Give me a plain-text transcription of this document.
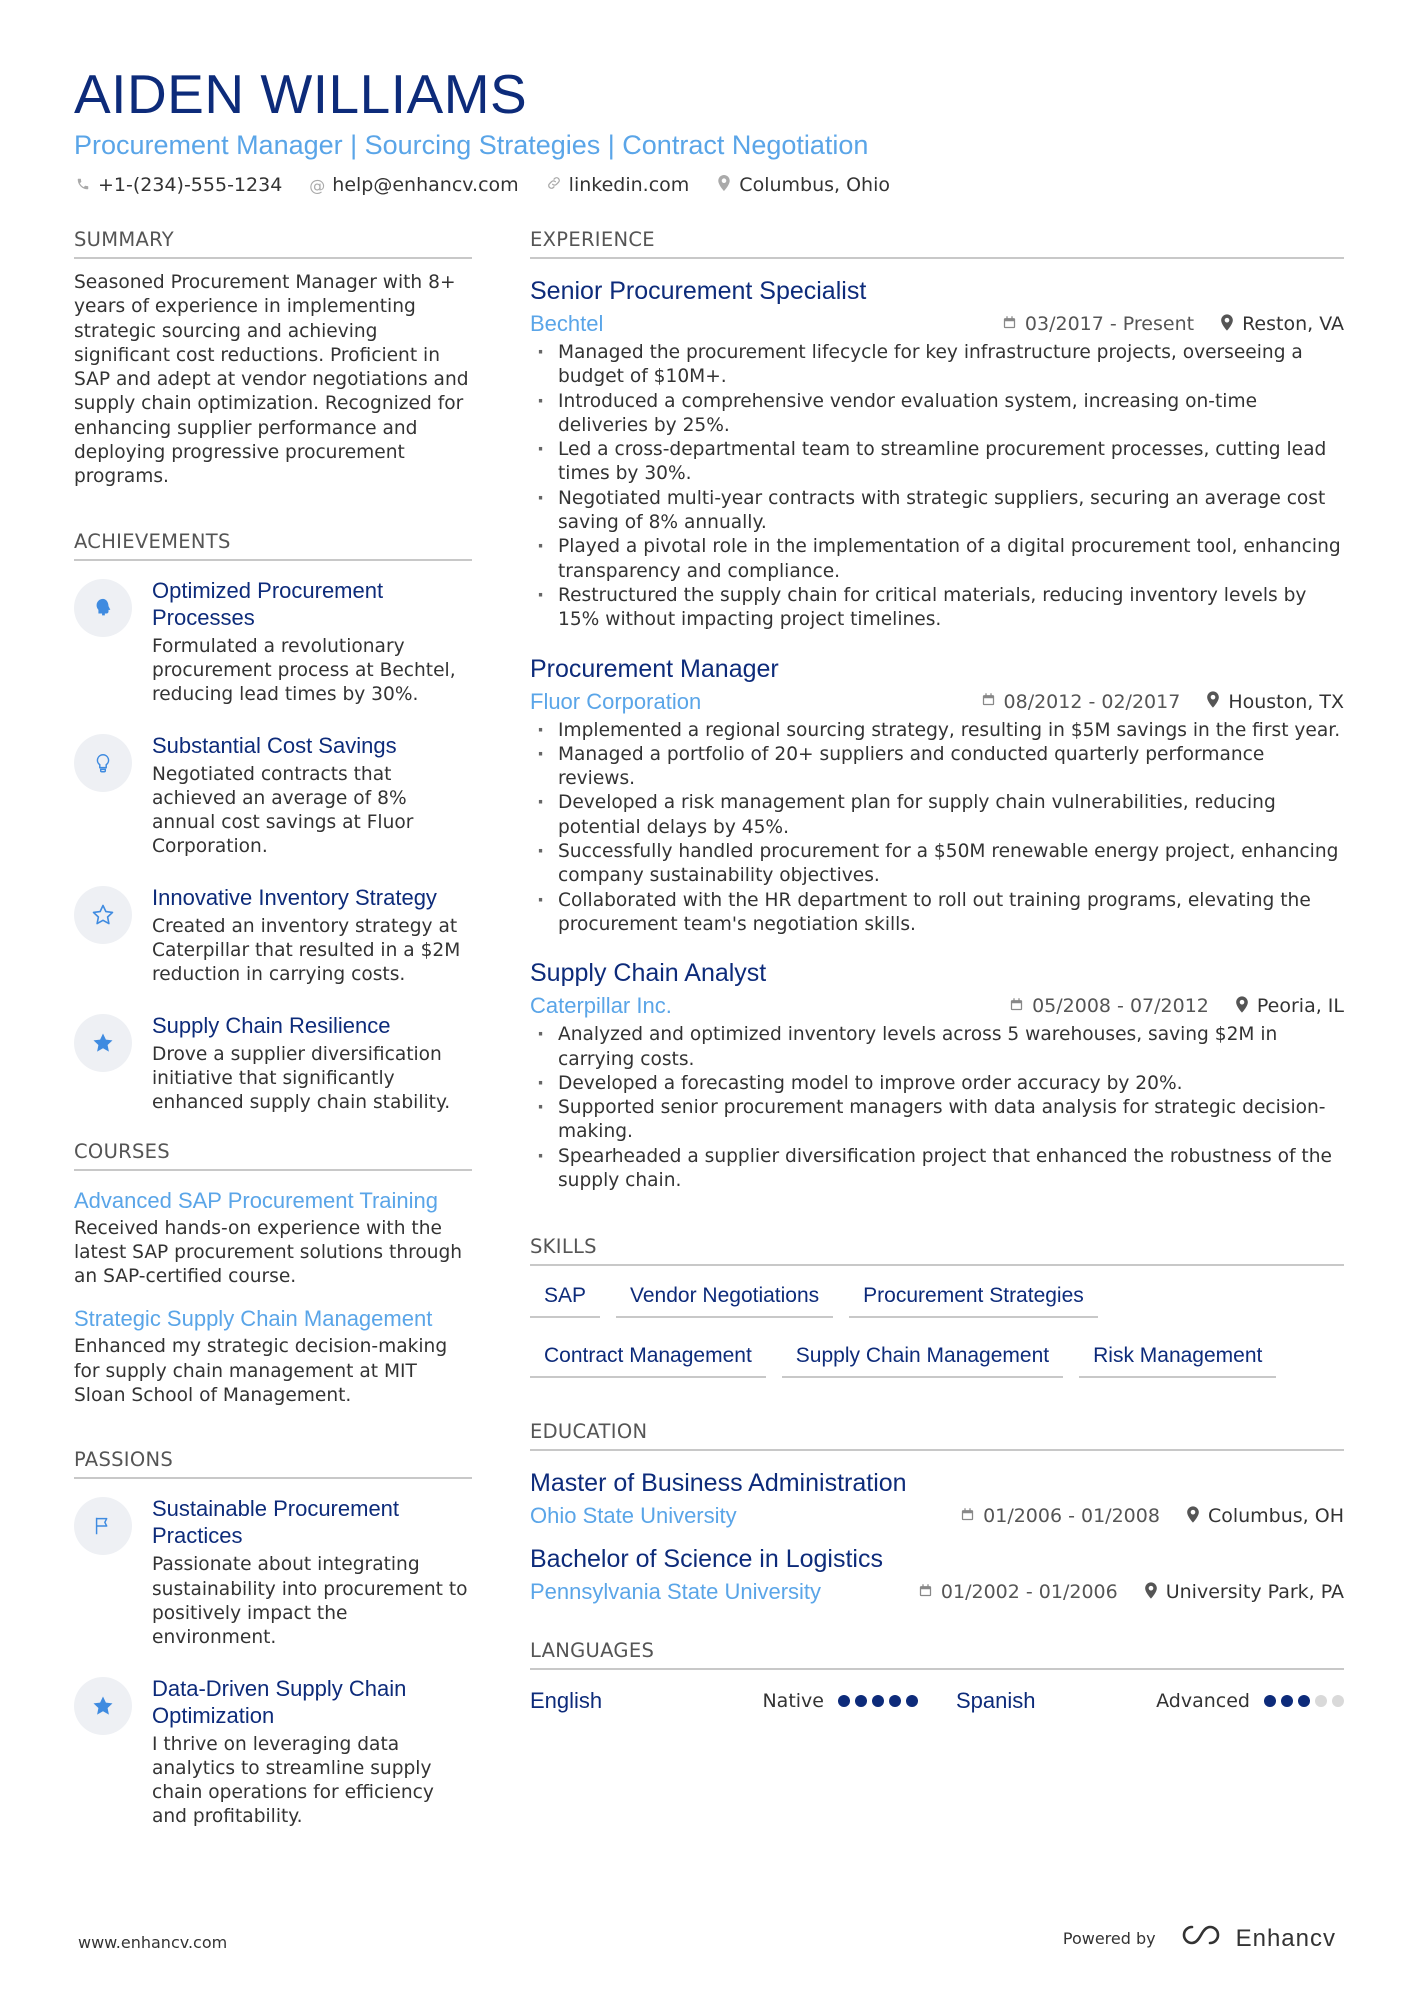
AIDEN WILLIAMS
Procurement Manager | Sourcing Strategies | Contract Negotiation
+1-(234)-555-1234 @ help@enhancv.com	linkedin.com	Columbus, Ohio
SUMMARY
Seasoned Procurement Manager with 8+ years of experience in implementing strategic sourcing and achieving significant cost reductions. Proficient in SAP and adept at vendor negotiations and supply chain optimization. Recognized for enhancing supplier performance and deploying progressive procurement programs.
ACHIEVEMENTS
Optimized Procurement Processes
Formulated a revolutionary procurement process at Bechtel, reducing lead times by 30%.
Substantial Cost Savings
Negotiated contracts that achieved an average of 8% annual cost savings at Fluor Corporation.
Innovative Inventory Strategy
Created an inventory strategy at Caterpillar that resulted in a $2M reduction in carrying costs.
Supply Chain Resilience
Drove a supplier diversification initiative that significantly enhanced supply chain stability.
COURSES
Advanced SAP Procurement Training
Received hands-on experience with the latest SAP procurement solutions through an SAP-certified course.
Strategic Supply Chain Management
Enhanced my strategic decision-making for supply chain management at MIT Sloan School of Management.
PASSIONS
Sustainable Procurement Practices
Passionate about integrating sustainability into procurement to positively impact the environment.
Data-Driven Supply Chain Optimization
I thrive on leveraging data analytics to streamline supply chain operations for efficiency and profitability.
EXPERIENCE
Senior Procurement Specialist
Bechtel	03/2017 - Present	Reston, VA
· Managed the procurement lifecycle for key infrastructure projects, overseeing a budget of $10M+.
· Introduced a comprehensive vendor evaluation system, increasing on-time deliveries by 25%.
· Led a cross-departmental team to streamline procurement processes, cutting lead times by 30%.
· Negotiated multi-year contracts with strategic suppliers, securing an average cost saving of 8% annually.
· Played a pivotal role in the implementation of a digital procurement tool, enhancing transparency and compliance.
· Restructured the supply chain for critical materials, reducing inventory levels by 15% without impacting project timelines.
Procurement Manager
Fluor Corporation	08/2012 - 02/2017	Houston, TX
· Implemented a regional sourcing strategy, resulting in $5M savings in the first year.
· Managed a portfolio of 20+ suppliers and conducted quarterly performance reviews.
· Developed a risk management plan for supply chain vulnerabilities, reducing potential delays by 45%.
· Successfully handled procurement for a $50M renewable energy project, enhancing company sustainability objectives.
· Collaborated with the HR department to roll out training programs, elevating the procurement team's negotiation skills.
Supply Chain Analyst
Caterpillar Inc.	05/2008 - 07/2012	Peoria, IL
· Analyzed and optimized inventory levels across 5 warehouses, saving $2M in carrying costs.
· Developed a forecasting model to improve order accuracy by 20%.
· Supported senior procurement managers with data analysis for strategic decision-making.
· Spearheaded a supplier diversification project that enhanced the robustness of the supply chain.
SKILLS
SAP	Vendor Negotiations	Procurement Strategies
Contract Management	Supply Chain Management	Risk Management
EDUCATION
Master of Business Administration
Ohio State University	01/2006 - 01/2008	Columbus, OH
Bachelor of Science in Logistics
Pennsylvania State University	01/2002 - 01/2006	University Park, PA
LANGUAGES
English	Native	Spanish	Advanced
www.enhancv.com	Powered by	Enhancv
